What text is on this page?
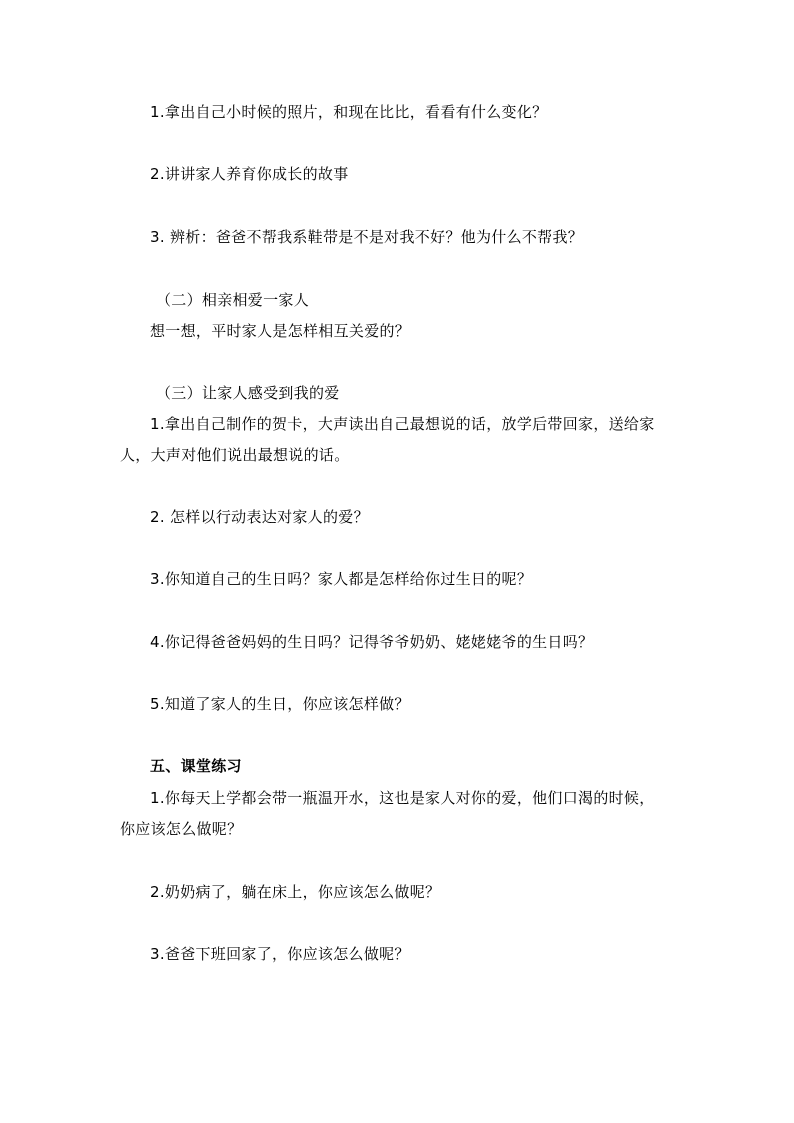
1.拿出自己小时候的照片，和现在比比，看看有什么变化？
2.讲讲家人养育你成长的故事
3. 辨析：爸爸不帮我系鞋带是不是对我不好？他为什么不帮我？
（二）相亲相爱一家人
想一想，平时家人是怎样相互关爱的？
（三）让家人感受到我的爱
1.拿出自己制作的贺卡，大声读出自己最想说的话，放学后带回家，送给家
人，大声对他们说出最想说的话。
2. 怎样以行动表达对家人的爱？
3.你知道自己的生日吗？家人都是怎样给你过生日的呢？
4.你记得爸爸妈妈的生日吗？记得爷爷奶奶、姥姥姥爷的生日吗？
5.知道了家人的生日，你应该怎样做？
五、课堂练习
1.你每天上学都会带一瓶温开水，这也是家人对你的爱，他们口渴的时候，
你应该怎么做呢？
2.奶奶病了，躺在床上，你应该怎么做呢？
3.爸爸下班回家了，你应该怎么做呢？
